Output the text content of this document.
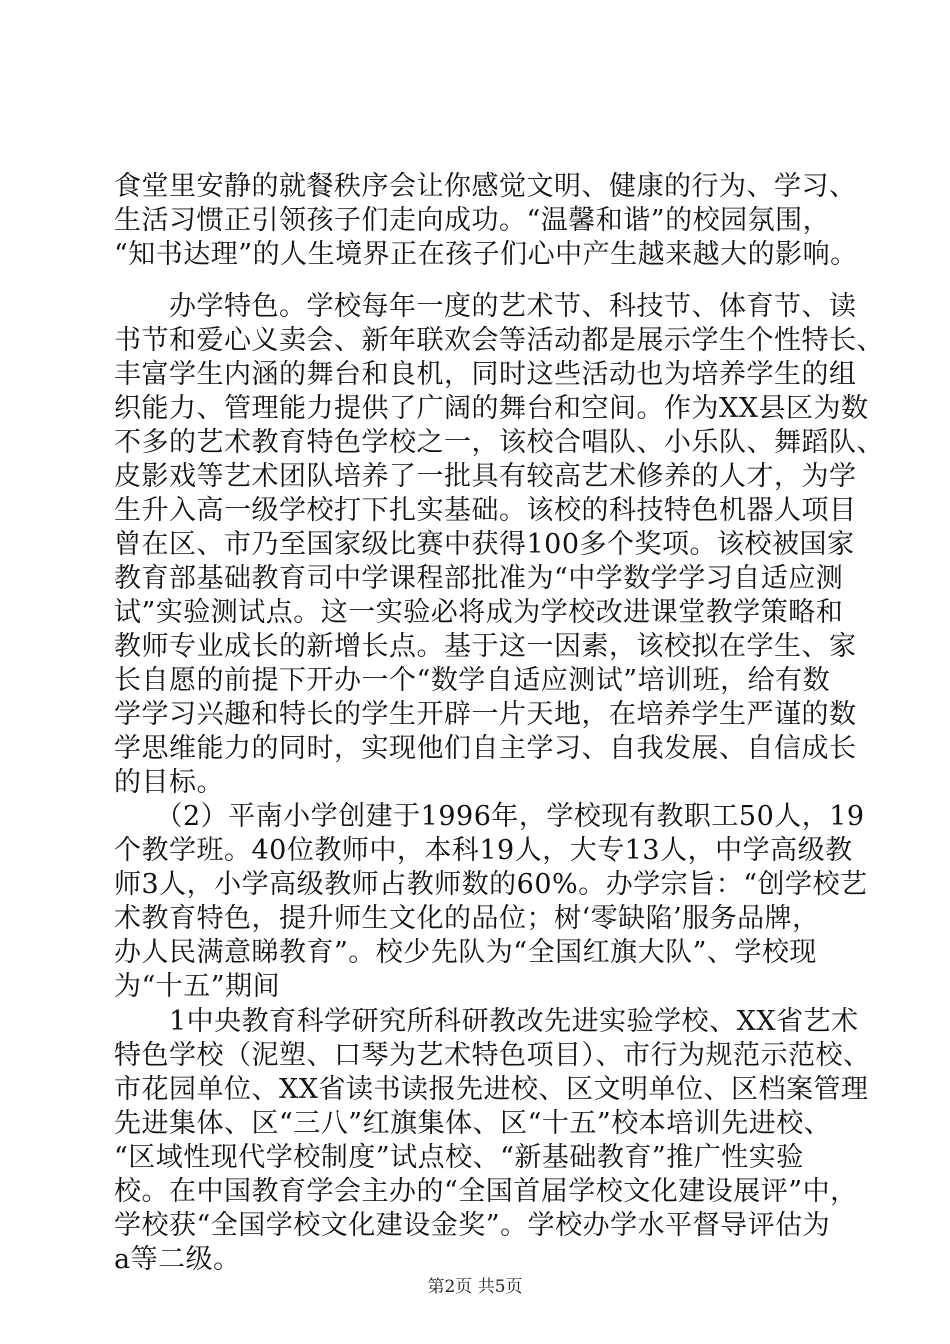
食堂里安静的就餐秩序会让你感觉文明、健康的行为、学习、
生活习惯正引领孩子们走向成功。“温馨和谐”的校园氛围，
“知书达理”的人生境界正在孩子们心中产生越来越大的影响。

　　办学特色。学校每年一度的艺术节、科技节、体育节、读
书节和爱心义卖会、新年联欢会等活动都是展示学生个性特长、
丰富学生内涵的舞台和良机，同时这些活动也为培养学生的组
织能力、管理能力提供了广阔的舞台和空间。作为XX县区为数
不多的艺术教育特色学校之一，该校合唱队、小乐队、舞蹈队、
皮影戏等艺术团队培养了一批具有较高艺术修养的人才，为学
生升入高一级学校打下扎实基础。该校的科技特色机器人项目
曾在区、市乃至国家级比赛中获得100多个奖项。该校被国家
教育部基础教育司中学课程部批准为“中学数学学习自适应测
试”实验测试点。这一实验必将成为学校改进课堂教学策略和
教师专业成长的新增长点。基于这一因素，该校拟在学生、家
长自愿的前提下开办一个“数学自适应测试”培训班，给有数
学学习兴趣和特长的学生开辟一片天地，在培养学生严谨的数
学思维能力的同时，实现他们自主学习、自我发展、自信成长
的目标。

　　（2）平南小学创建于1996年，学校现有教职工50人，19
个教学班。40位教师中，本科19人，大专13人，中学高级教
师3人，小学高级教师占教师数的60%。办学宗旨：“创学校艺
术教育特色，提升师生文化的品位；树‘零缺陷’服务品牌，
办人民满意睇教育”。校少先队为“全国红旗大队”、学校现
为“十五”期间

　　1中央教育科学研究所科研教改先进实验学校、XX省艺术
特色学校（泥塑、口琴为艺术特色项目）、市行为规范示范校、
市花园单位、XX省读书读报先进校、区文明单位、区档案管理
先进集体、区“三八”红旗集体、区“十五”校本培训先进校、
“区域性现代学校制度”试点校、“新基础教育”推广性实验
校。在中国教育学会主办的“全国首届学校文化建设展评”中，
学校获“全国学校文化建设金奖”。学校办学水平督导评估为
a等二级。

第2页 共5页
